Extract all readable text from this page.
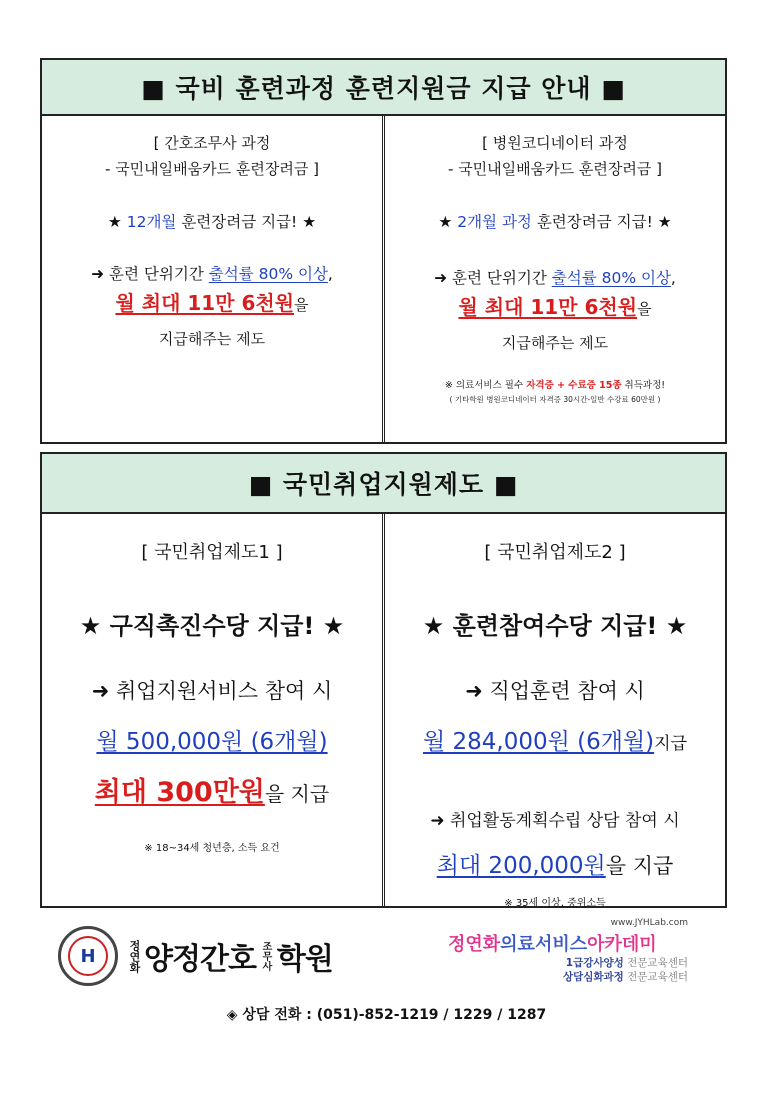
■ 국비 훈련과정 훈련지원금 지급 안내 ■
[ 간호조무사 과정
- 국민내일배움카드 훈련장려금 ]
★ 12개월 훈련장려금 지급! ★
➜ 훈련 단위기간 출석률 80% 이상,
월 최대 11만 6천원을
지급해주는 제도
[ 병원코디네이터 과정
- 국민내일배움카드 훈련장려금 ]
★ 2개월 과정 훈련장려금 지급! ★
➜ 훈련 단위기간 출석률 80% 이상,
월 최대 11만 6천원을
지급해주는 제도
※ 의료서비스 필수 자격증 + 수료증 15종 취득과정!
( 기타학원 병원코디네이터 자격증 30시간-일반 수강료 60만원 )
■ 국민취업지원제도 ■
[ 국민취업제도1 ]
★ 구직촉진수당 지급! ★
➜ 취업지원서비스 참여 시
월 500,000원 (6개월)
최대 300만원을 지급
※ 18~34세 청년층, 소득 요건
[ 국민취업제도2 ]
★ 훈련참여수당 지급! ★
➜ 직업훈련 참여 시
월 284,000원 (6개월)지급
➜ 취업활동계획수립 상담 참여 시
최대 200,000원을 지급
※ 35세 이상, 중위소득
H	정연화 양정간호 조무사 학원
www.JYHLab.com
정연화의료서비스아카데미
1급강사양성 전문교육센터
상담심화과정 전문교육센터
◈ 상담 전화 : (051)-852-1219 / 1229 / 1287
